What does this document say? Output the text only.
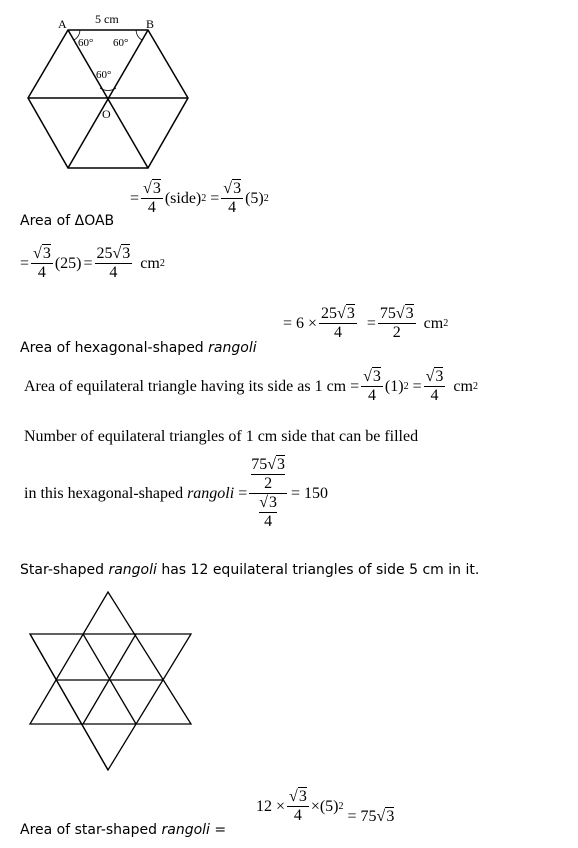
5 cm
A	B
O
60° 60°
60°
= $\frac{√3}{4}$ (side) $2 = \frac{√3}{4} (5)$ 2
Area of ΔOAB
= $\frac{√3}{4} (25) = \frac{25√3}{4}$ cm 2
= $6 \times \frac{25√3}{4} = \frac{75√3}{2}$ cm 2
Area of hexagonal-shaped rangoli
Area of equilateral triangle having its side as 1 cm = $\frac{√3}{4} (1) 2 = \frac{√3}{4}$ cm 2
Number of equilateral triangles of 1 cm side that can be filled
in this hexagonal-shaped rangoli = 75√3
2
√3
4 = 150
Star-shaped rangoli has 12 equilateral triangles of side 5 cm in it.
$12 \times \frac{√3}{4} \times (5)$ 2
= 75√3
Area of star-shaped rangoli =
